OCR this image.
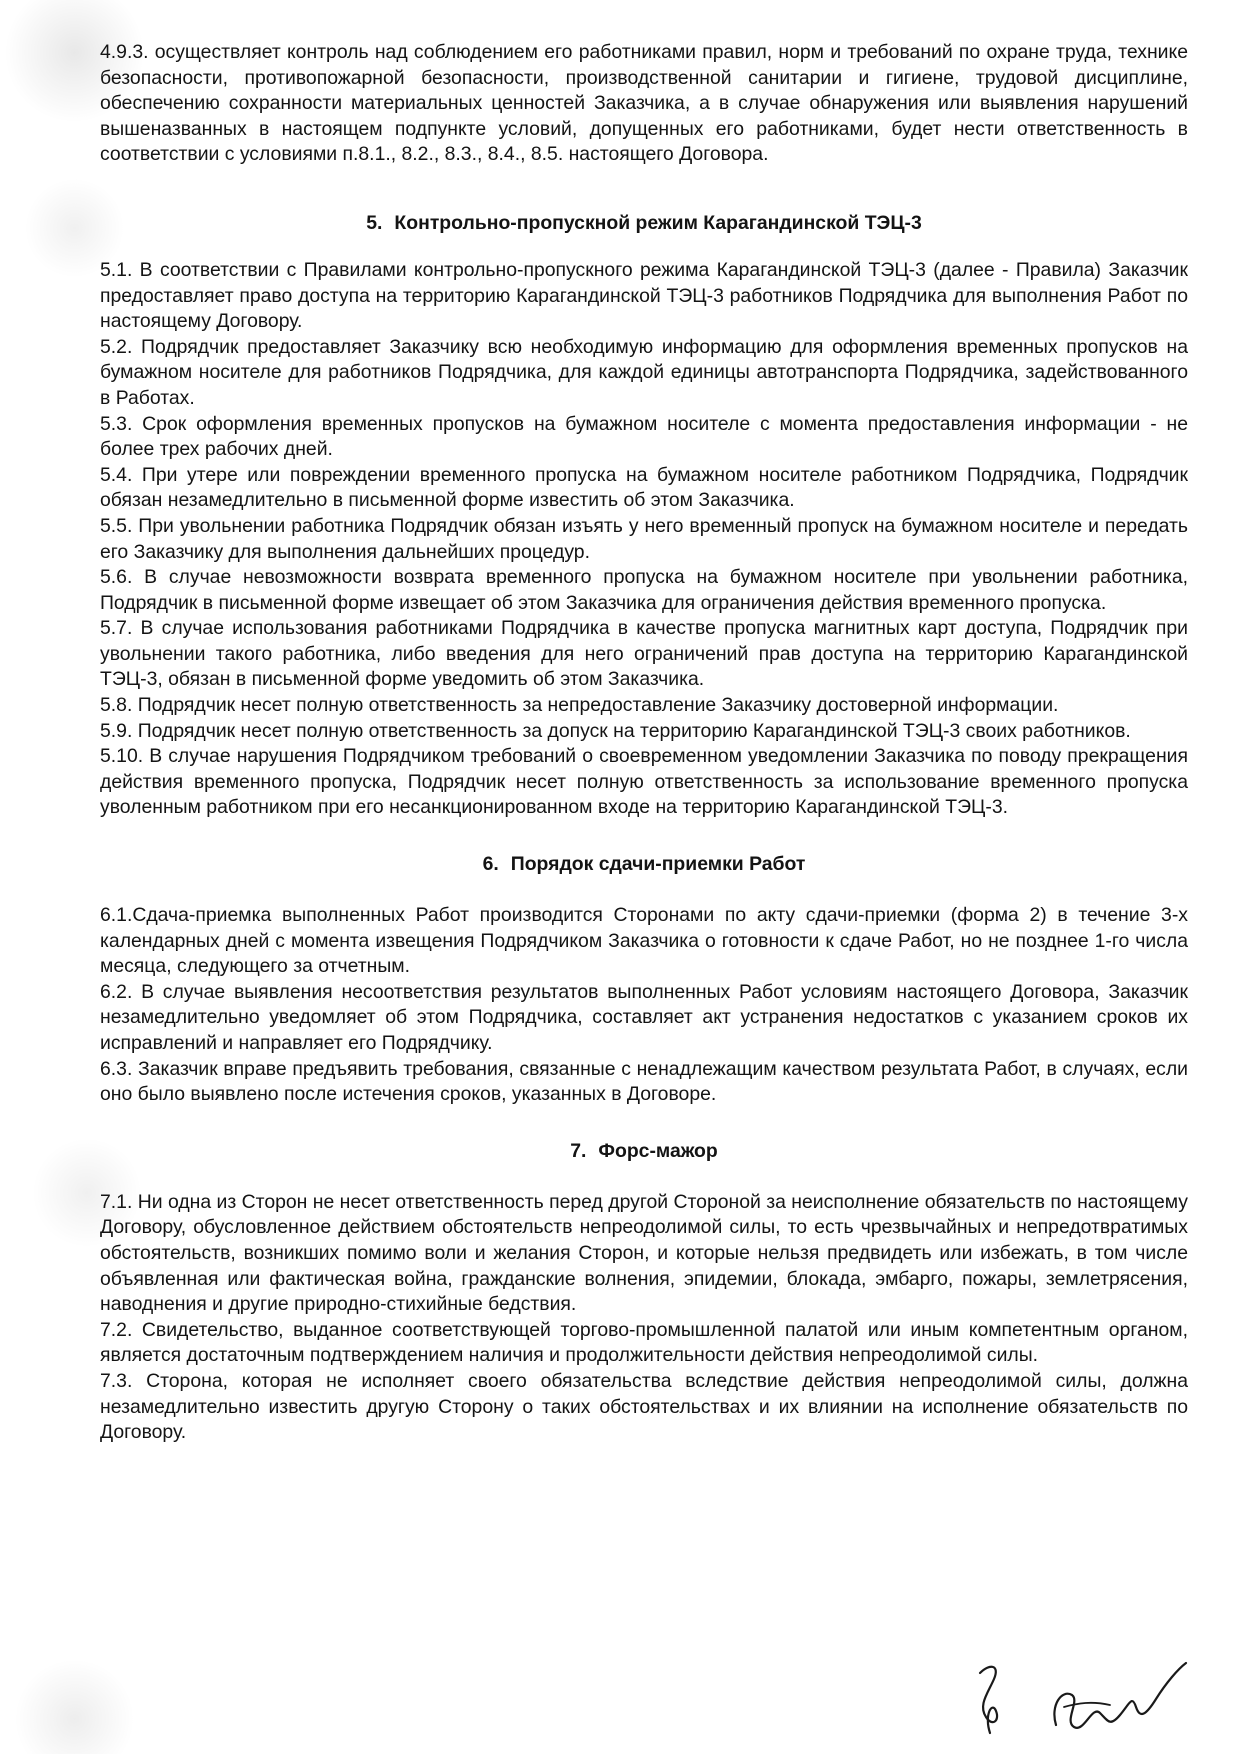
4.9.3. осуществляет контроль над соблюдением его работниками правил, норм и требований по охране труда, технике безопасности, противопожарной безопасности, производственной санитарии и гигиене, трудовой дисциплине, обеспечению сохранности материальных ценностей Заказчика, а в случае обнаружения или выявления нарушений вышеназванных в настоящем подпункте условий, допущенных его работниками, будет нести ответственность в соответствии с условиями п.8.1., 8.2., 8.3., 8.4., 8.5. настоящего Договора.

5. Контрольно-пропускной режим Карагандинской ТЭЦ-3

5.1. В соответствии с Правилами контрольно-пропускного режима Карагандинской ТЭЦ-3 (далее - Правила) Заказчик предоставляет право доступа на территорию Карагандинской ТЭЦ-3 работников Подрядчика для выполнения Работ по настоящему Договору.

5.2. Подрядчик предоставляет Заказчику всю необходимую информацию для оформления временных пропусков на бумажном носителе для работников Подрядчика, для каждой единицы автотранспорта Подрядчика, задействованного в Работах.

5.3. Срок оформления временных пропусков на бумажном носителе с момента предоставления информации - не более трех рабочих дней.

5.4. При утере или повреждении временного пропуска на бумажном носителе работником Подрядчика, Подрядчик обязан незамедлительно в письменной форме известить об этом Заказчика.

5.5. При увольнении работника Подрядчик обязан изъять у него временный пропуск на бумажном носителе и передать его Заказчику для выполнения дальнейших процедур.

5.6. В случае невозможности возврата временного пропуска на бумажном носителе при увольнении работника, Подрядчик в письменной форме извещает об этом Заказчика для ограничения действия временного пропуска.

5.7. В случае использования работниками Подрядчика в качестве пропуска магнитных карт доступа, Подрядчик при увольнении такого работника, либо введения для него ограничений прав доступа на территорию Карагандинской ТЭЦ-3, обязан в письменной форме уведомить об этом Заказчика.

5.8. Подрядчик несет полную ответственность за непредоставление Заказчику достоверной информации.

5.9. Подрядчик несет полную ответственность за допуск на территорию Карагандинской ТЭЦ-3 своих работников.

5.10. В случае нарушения Подрядчиком требований о своевременном уведомлении Заказчика по поводу прекращения действия временного пропуска, Подрядчик несет полную ответственность за использование временного пропуска уволенным работником при его несанкционированном входе на территорию Карагандинской ТЭЦ-3.

6. Порядок сдачи-приемки Работ

6.1.Сдача-приемка выполненных Работ производится Сторонами по акту сдачи-приемки (форма 2) в течение 3-х календарных дней с момента извещения Подрядчиком Заказчика о готовности к сдаче Работ, но не позднее 1-го числа месяца, следующего за отчетным.

6.2. В случае выявления несоответствия результатов выполненных Работ условиям настоящего Договора, Заказчик незамедлительно уведомляет об этом Подрядчика, составляет акт устранения недостатков с указанием сроков их исправлений и направляет его Подрядчику.

6.3. Заказчик вправе предъявить требования, связанные с ненадлежащим качеством результата Работ, в случаях, если оно было выявлено после истечения сроков, указанных в Договоре.

7. Форс-мажор

7.1. Ни одна из Сторон не несет ответственность перед другой Стороной за неисполнение обязательств по настоящему Договору, обусловленное действием обстоятельств непреодолимой силы, то есть чрезвычайных и непредотвратимых обстоятельств, возникших помимо воли и желания Сторон, и которые нельзя предвидеть или избежать, в том числе объявленная или фактическая война, гражданские волнения, эпидемии, блокада, эмбарго, пожары, землетрясения, наводнения и другие природно-стихийные бедствия.

7.2. Свидетельство, выданное соответствующей торгово-промышленной палатой или иным компетентным органом, является достаточным подтверждением наличия и продолжительности действия непреодолимой силы.

7.3. Сторона, которая не исполняет своего обязательства вследствие действия непреодолимой силы, должна незамедлительно известить другую Сторону о таких обстоятельствах и их влиянии на исполнение обязательств по Договору.
